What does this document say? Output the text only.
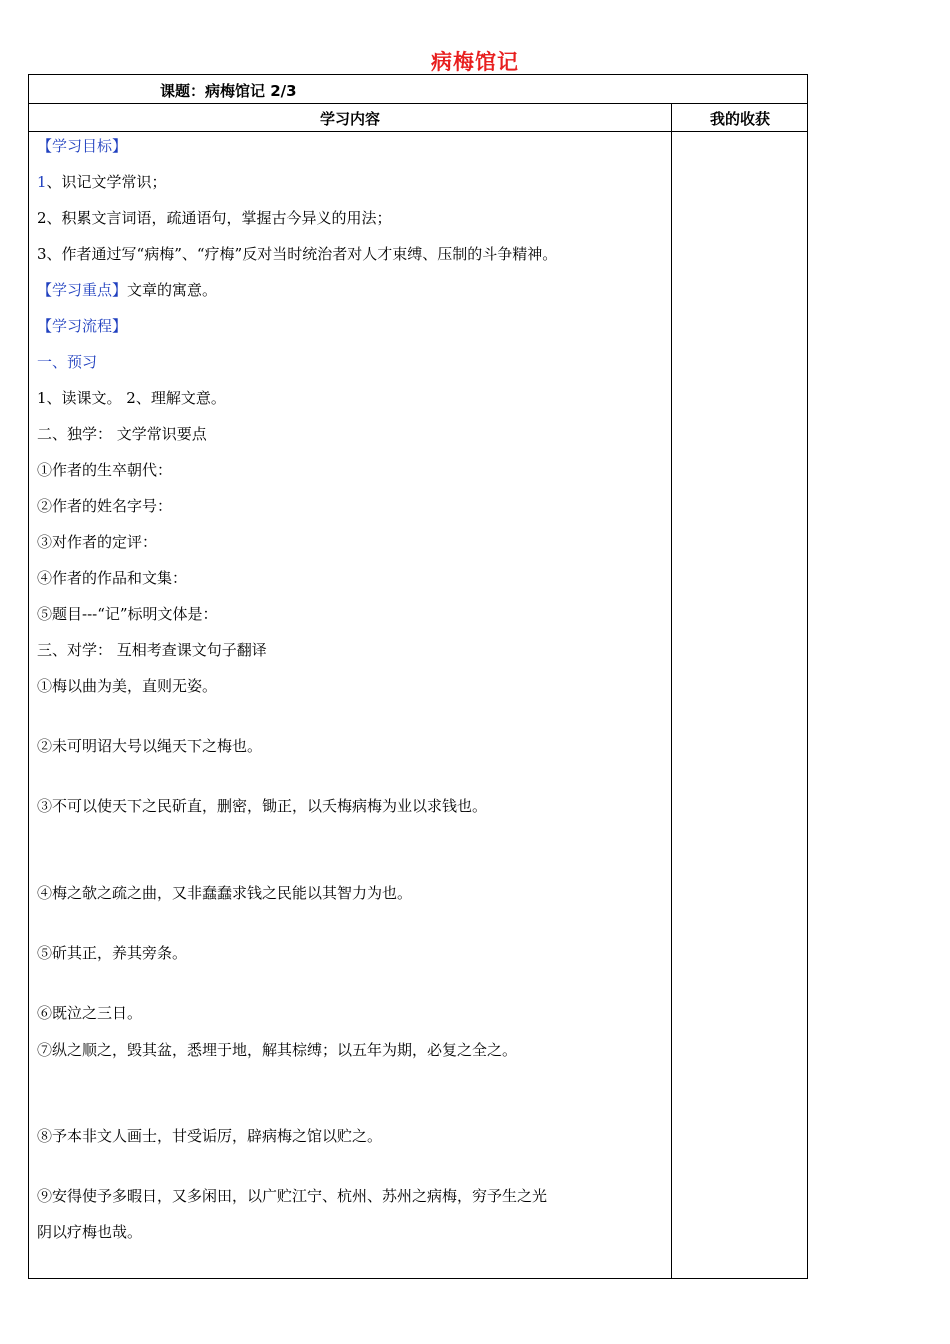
病梅馆记
课题：病梅馆记 2/3
学习内容	我的收获
【学习目标】
1、识记文学常识；
2、积累文言词语，疏通语句，掌握古今异义的用法；
3、作者通过写“病梅”、“疗梅”反对当时统治者对人才束缚、压制的斗争精神。
【学习重点】文章的寓意。
【学习流程】
一、预习
1、读课文。 2、理解文意。
二、独学： 文学常识要点
①作者的生卒朝代：
②作者的姓名字号：
③对作者的定评：
④作者的作品和文集：
⑤题目---“记”标明文体是：
三、对学： 互相考查课文句子翻译
①梅以曲为美，直则无姿。
②未可明诏大号以绳天下之梅也。
③不可以使天下之民斫直，删密，锄正，以夭梅病梅为业以求钱也。
④梅之欹之疏之曲，又非蠢蠢求钱之民能以其智力为也。
⑤斫其正，养其旁条。
⑥既泣之三日。
⑦纵之顺之，毁其盆，悉埋于地，解其棕缚；以五年为期，必复之全之。
⑧予本非文人画士，甘受诟厉，辟病梅之馆以贮之。
⑨安得使予多暇日，又多闲田，以广贮江宁、杭州、苏州之病梅，穷予生之光
阴以疗梅也哉。
